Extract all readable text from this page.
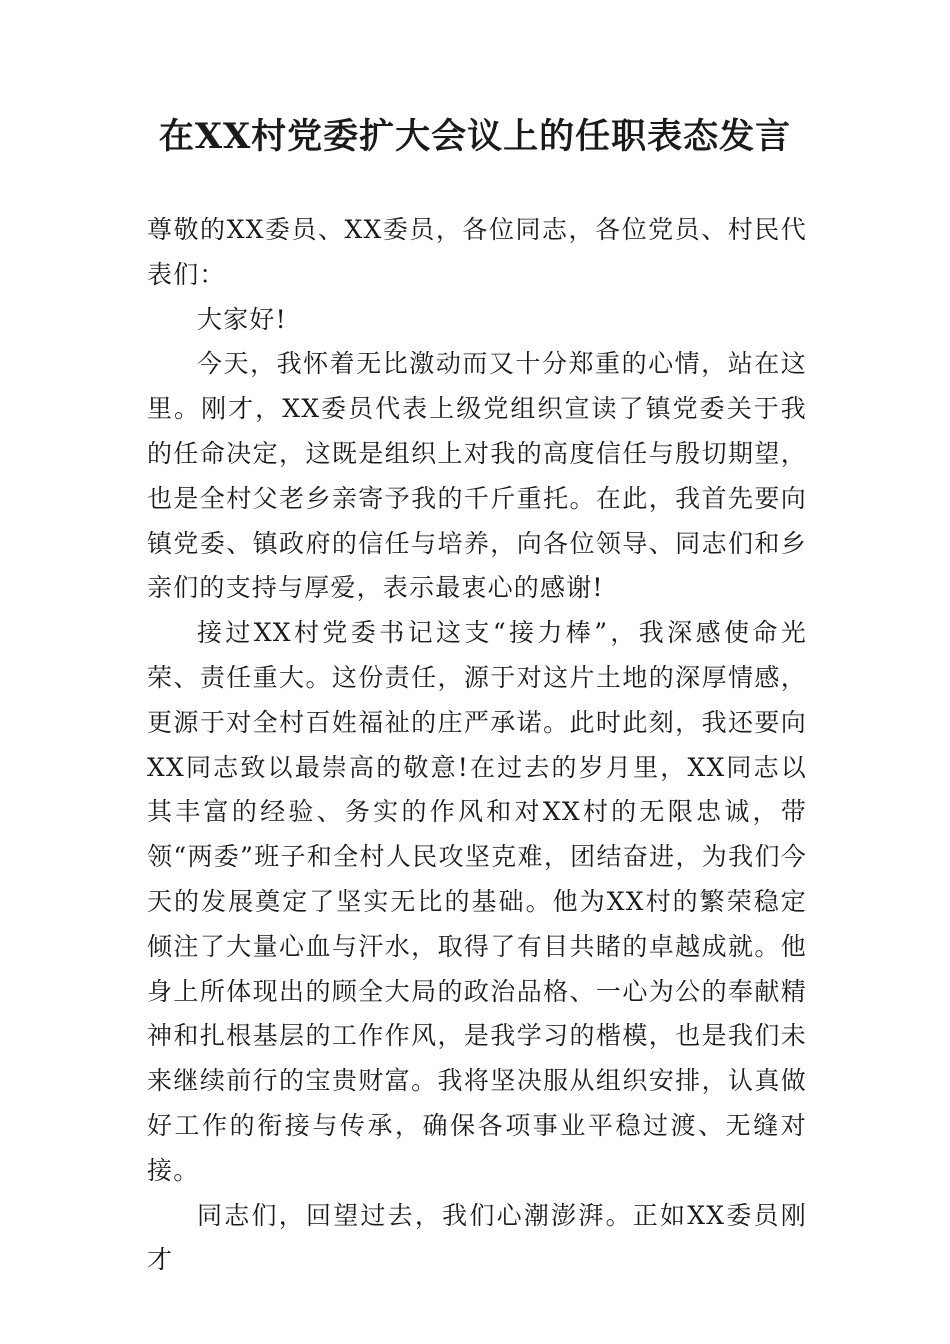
在XX村党委扩大会议上的任职表态发言

尊敬的XX委员、XX委员，各位同志，各位党员、村民代表们：

大家好!

今天，我怀着无比激动而又十分郑重的心情，站在这里。刚才，XX委员代表上级党组织宣读了镇党委关于我的任命决定，这既是组织上对我的高度信任与殷切期望，也是全村父老乡亲寄予我的千斤重托。在此，我首先要向镇党委、镇政府的信任与培养，向各位领导、同志们和乡亲们的支持与厚爱，表示最衷心的感谢!

接过XX村党委书记这支“接力棒”，我深感使命光荣、责任重大。这份责任，源于对这片土地的深厚情感，更源于对全村百姓福祉的庄严承诺。此时此刻，我还要向XX同志致以最崇高的敬意!在过去的岁月里，XX同志以其丰富的经验、务实的作风和对XX村的无限忠诚，带领“两委”班子和全村人民攻坚克难，团结奋进，为我们今天的发展奠定了坚实无比的基础。他为XX村的繁荣稳定倾注了大量心血与汗水，取得了有目共睹的卓越成就。他身上所体现出的顾全大局的政治品格、一心为公的奉献精神和扎根基层的工作作风，是我学习的楷模，也是我们未来继续前行的宝贵财富。我将坚决服从组织安排，认真做好工作的衔接与传承，确保各项事业平稳过渡、无缝对接。

同志们，回望过去，我们心潮澎湃。正如XX委员刚才
